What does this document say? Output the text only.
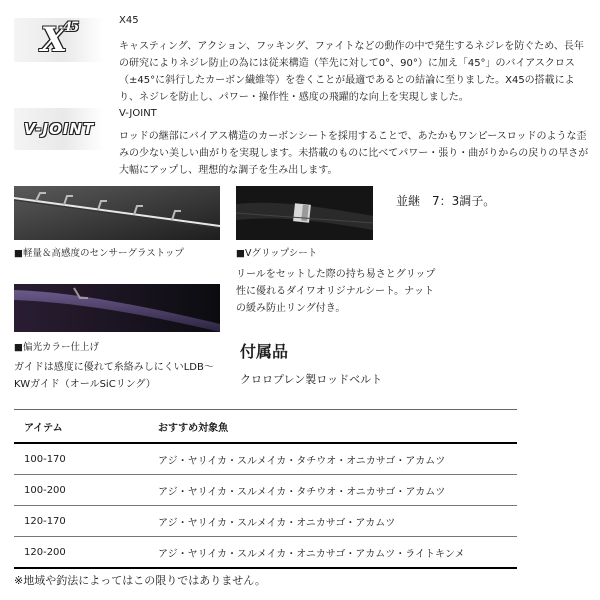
$X^{45}$	X45
キャスティング、アクション、フッキング、ファイトなどの動作の中で発生するネジレを防ぐため、長年
の研究によりネジレ防止の為には従来構造（竿先に対して0°、90°）に加え「45°」のバイアスクロス
（±45°に斜行したカーボン繊維等）を巻くことが最適であるとの結論に至りました。X45の搭載によ
り、ネジレを防止し、パワー・操作性・感度の飛躍的な向上を実現しました。
V-JOINT
V-JOINT
ロッドの継部にバイアス構造のカーボンシートを採用することで、あたかもワンピースロッドのような歪
みの少ない美しい曲がりを実現します。未搭載のものに比べてパワー・張り・曲がりからの戻りの早さが
大幅にアップし、理想的な調子を生み出します。
■軽量＆高感度のセンサーグラストップ	■Vグリップシート
■偏光カラー仕上げ
並継　7：3調子。
リールをセットした際の持ち易さとグリップ
性に優れるダイワオリジナルシート。ナット
の緩み防止リング付き。
ガイドは感度に優れて糸絡みしにくいLDB～
KWガイド（オールSiCリング）
付属品
クロロプレン製ロッドベルト
アイテム	おすすめ対象魚
100-170	アジ・ヤリイカ・スルメイカ・タチウオ・オニカサゴ・アカムツ
100-200	アジ・ヤリイカ・スルメイカ・タチウオ・オニカサゴ・アカムツ
120-170	アジ・ヤリイカ・スルメイカ・オニカサゴ・アカムツ
120-200	アジ・ヤリイカ・スルメイカ・オニカサゴ・アカムツ・ライトキンメ
※地域や釣法によってはこの限りではありません。
